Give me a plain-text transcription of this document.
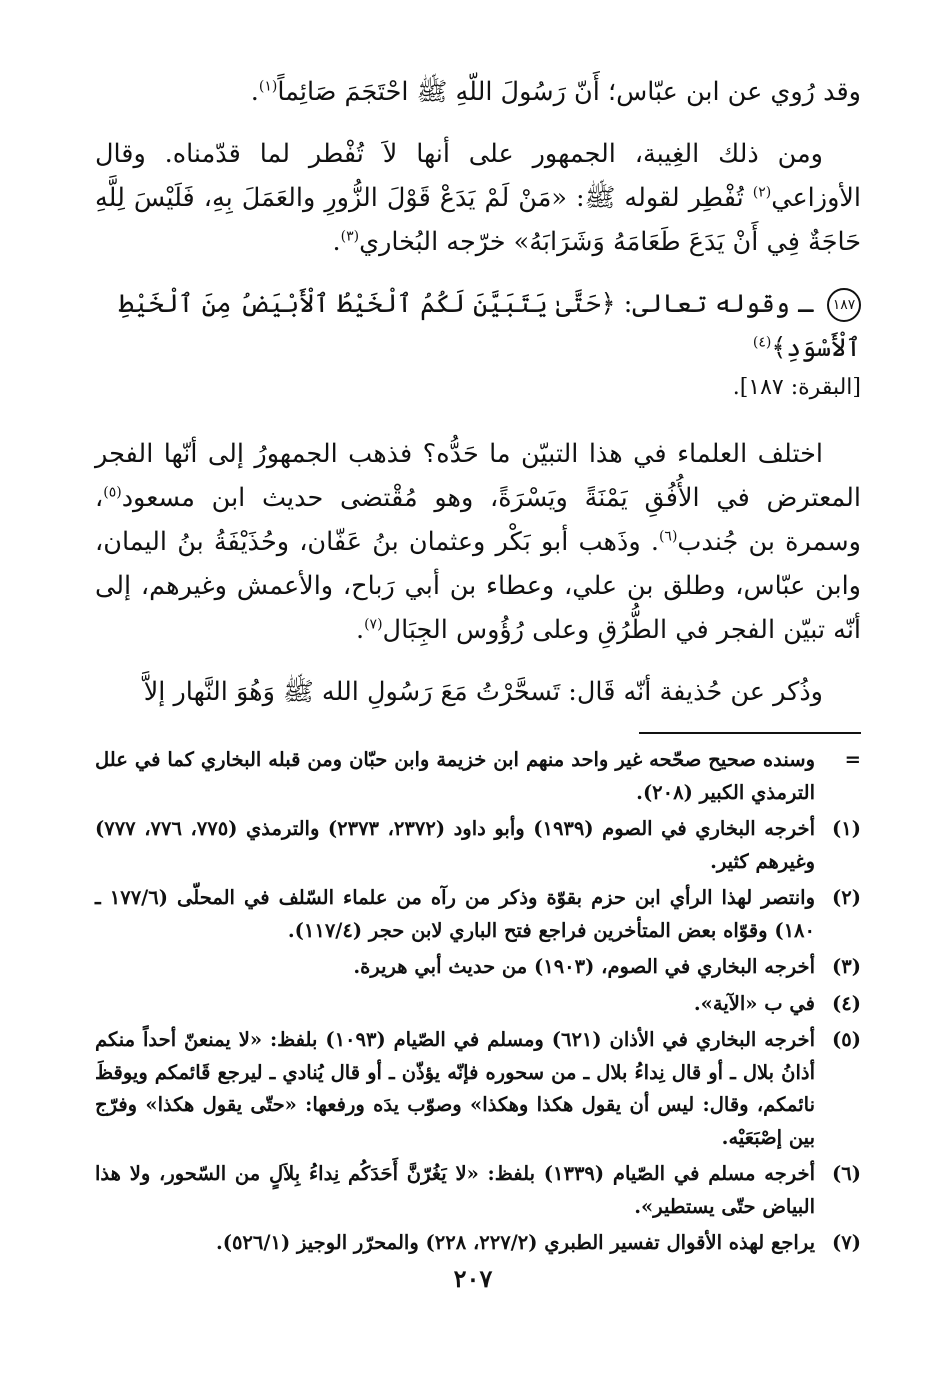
وقد رُوي عن ابن عبّاس؛ أَنّ رَسُولَ اللّهِ ﷺ احْتَجَمَ صَائِماً$^{(١)}$.

ومن ذلك الغِيبة، الجمهور على أنها لاَ تُفْطر لما قدّمناه. وقال الأوزاعي$^{(٢)}$ تُفْطِر لقوله ﷺ: «مَنْ لَمْ يَدَعْ قَوْلَ الزُّورِ والعَمَلَ بِهِ، فَلَيْسَ لِلَّهِ حَاجَةٌ فِي أَنْ يَدَعَ طَعَامَهُ وَشَرَابَهُ» خرّجه البُخاري$^{(٣)}$.

١٨٧ ـ وقوله تعالى: ﴿حَتَّىٰ يَتَبَيَّنَ لَكُمُ ٱلْخَيْطُ ٱلْأَبْيَضُ مِنَ ٱلْخَيْطِ ٱلْأَسْوَدِ﴾$^{(٤)}$

[البقرة: ١٨٧].

اختلف العلماء في هذا التبيّن ما حَدُّه؟ فذهب الجمهورُ إلى أنّها الفجر المعترض في الأُفُقِ يَمْنَةً ويَسْرَةً، وهو مُقْتضى حديث ابن مسعود$^{(٥)}$، وسمرة بن جُندب$^{(٦)}$. وذَهب أبو بَكْر وعثمان بنُ عَفّان، وحُذَيْفَةُ بنُ اليمان، وابن عبّاس، وطلق بن علي، وعطاء بن أبي رَباح، والأعمش وغيرهم، إلى أنّه تبيّن الفجر في الطُّرُقِ وعلى رُؤُوس الجِبَال$^{(٧)}$.

وذُكر عن حُذيفة أنّه قَال: تَسحَّرْتُ مَعَ رَسُولِ الله ﷺ وَهُوَ النَّهار إلاَّ

=
وسنده صحيح صحّحه غير واحد منهم ابن خزيمة وابن حبّان ومن قبله البخاري كما في علل الترمذي الكبير (٢٠٨).
(١)
أخرجه البخاري في الصوم (١٩٣٩) وأبو داود (٢٣٧٢، ٢٣٧٣) والترمذي (٧٧٥، ٧٧٦، ٧٧٧) وغيرهم كثير.
(٢)
وانتصر لهذا الرأي ابن حزم بقوّة وذكر من رآه من علماء السّلف في المحلّى (١٧٧/٦ ـ ١٨٠) وقوّاه بعض المتأخرين فراجع فتح الباري لابن حجر (١١٧/٤).
(٣)
أخرجه البخاري في الصوم، (١٩٠٣) من حديث أبي هريرة.
(٤)
في ب «الآية».
(٥)
أخرجه البخاري في الأذان (٦٢١) ومسلم في الصّيام (١٠٩٣) بلفظ: «لا يمنعنّ أحداً منكم أذانُ بلال ـ أو قال نِداءُ بلال ـ من سحوره فإنّه يؤذّن ـ أو قال يُنادي ـ ليرجع قَائمكم ويوقظَ نائمكم، وقال: ليس أن يقول هكذا وهكذا» وصوّب يدَه ورفعها: «حتّى يقول هكذا» وفرّج بين إصْبَعَيْه.
(٦)
أخرجه مسلم في الصّيام (١٣٣٩) بلفظ: «لا يَغُرّنَّ أَحَدَكُم نِداءُ بِلاَلٍ من السّحور، ولا هذا البياض حتّى يستطير».
(٧)
يراجع لهذه الأقوال تفسير الطبري (٢٢٧/٢، ٢٢٨) والمحرّر الوجيز (٥٢٦/١).
٢٠٧
